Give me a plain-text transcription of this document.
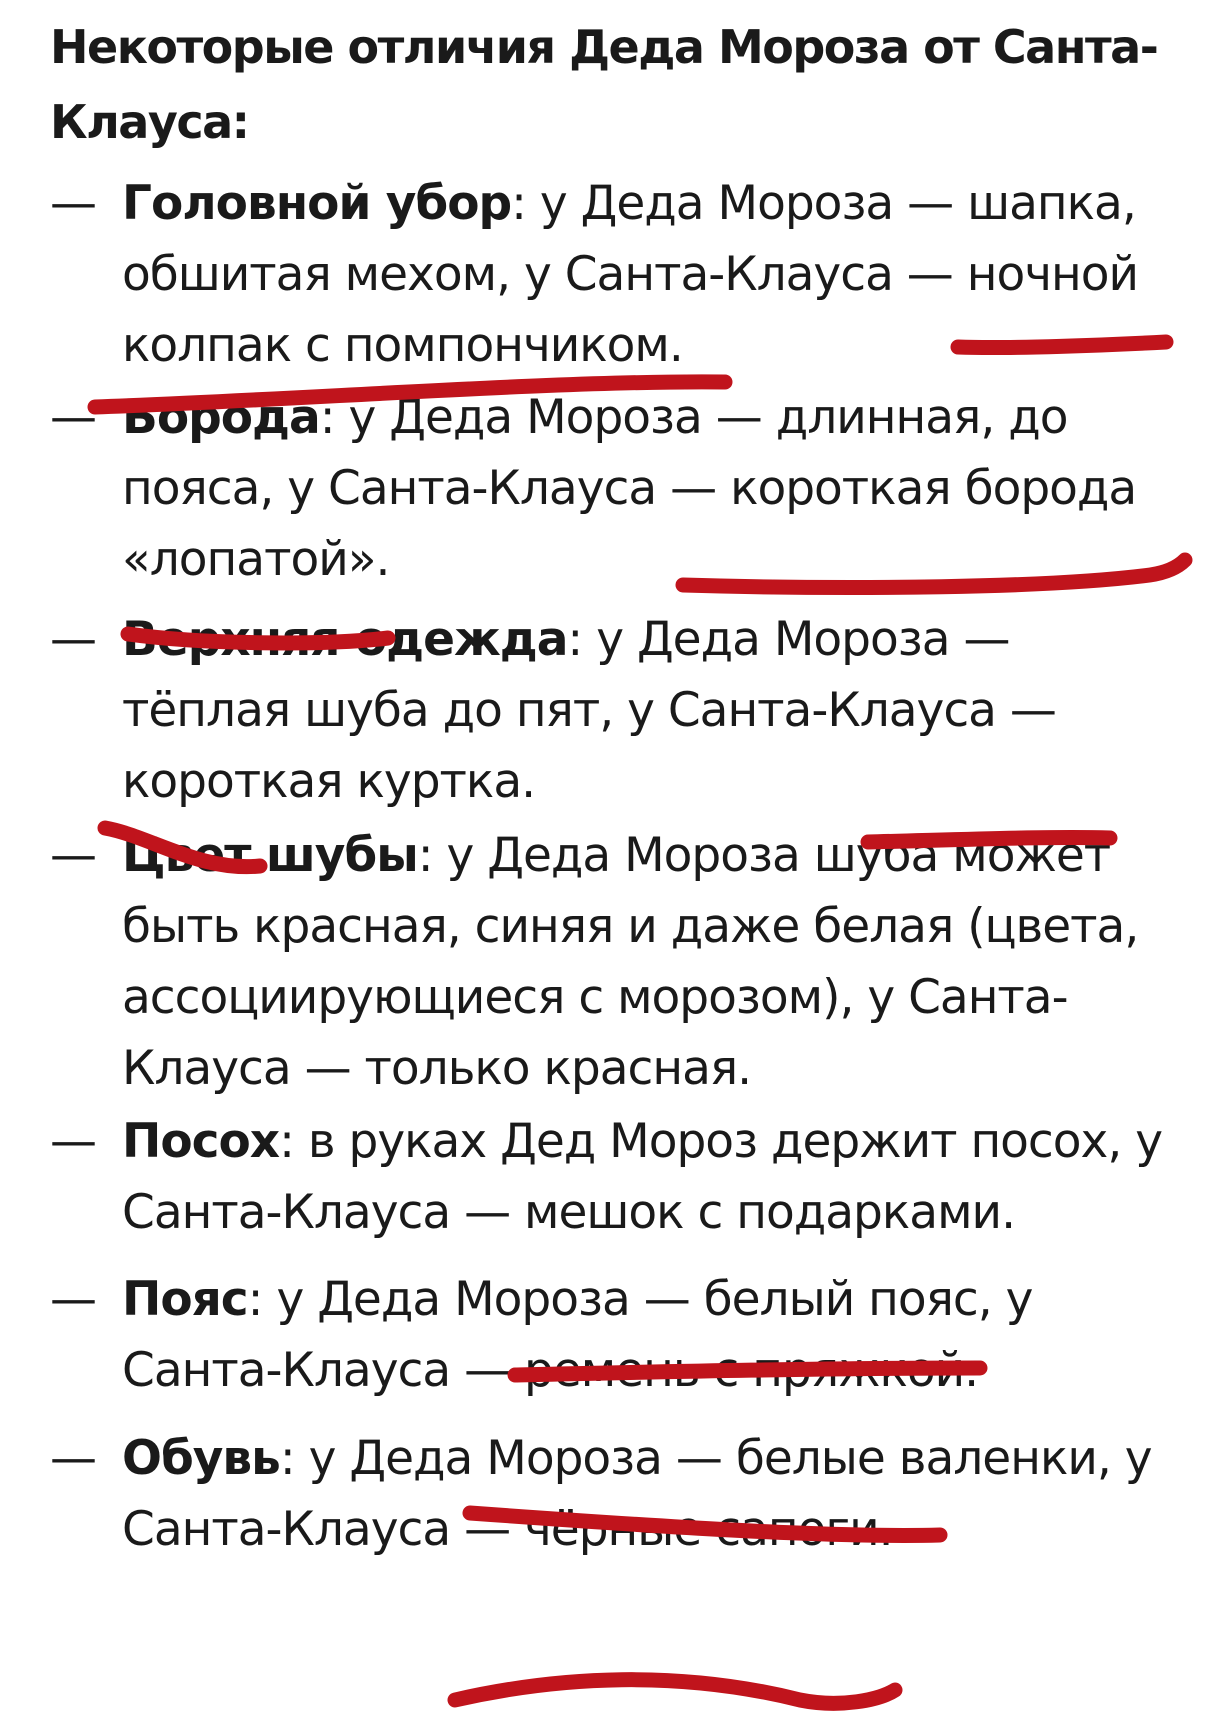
Некоторые отличия Деда Мороза от Санта-Клауса:
— Головной убор: у Деда Мороза — шапка, обшитая мехом, у Санта-Клауса — ночной колпак с помпончиком.
— Борода: у Деда Мороза — длинная, до пояса, у Санта-Клауса — короткая борода «лопатой».
— Верхняя одежда: у Деда Мороза — тёплая шуба до пят, у Санта-Клауса — короткая куртка.
— Цвет шубы: у Деда Мороза шуба может быть красная, синяя и даже белая (цвета, ассоциирующиеся с морозом), у Санта-Клауса — только красная.
— Посох: в руках Дед Мороз держит посох, у Санта-Клауса — мешок с подарками.
— Пояс: у Деда Мороза — белый пояс, у Санта-Клауса — ремень с пряжкой.
— Обувь: у Деда Мороза — белые валенки, у Санта-Клауса — чёрные сапоги.
